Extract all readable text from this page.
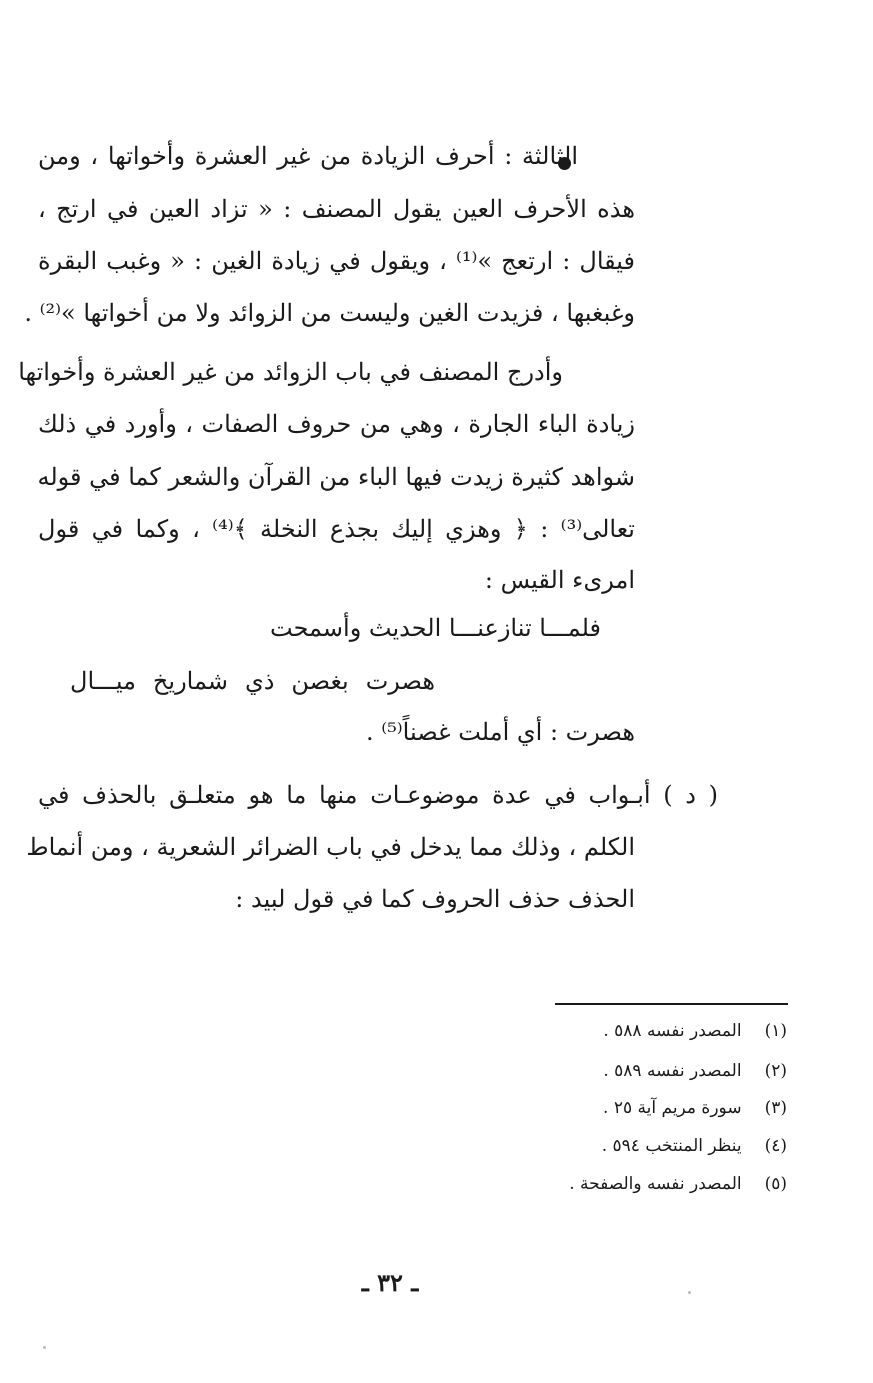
الثالثة : أحرف الزيادة من غير العشرة وأخواتها ، ومن
هذه الأحرف العين يقول المصنف : « تزاد العين في ارتج ،
فيقال : ارتعج »⁽¹⁾ ، ويقول في زيادة الغين : « وغبب البقرة
وغبغبها ، فزيدت الغين وليست من الزوائد ولا من أخواتها »⁽²⁾ .
وأدرج المصنف في باب الزوائد من غير العشرة وأخواتها
زيادة الباء الجارة ، وهي من حروف الصفات ، وأورد في ذلك
شواهد كثيرة زيدت فيها الباء من القرآن والشعر كما في قوله
تعالى⁽³⁾ : ﴿ وهزي إليك بجذع النخلة ﴾⁽⁴⁾ ، وكما في قول
امرىء القيس :
فلمـــا تنازعنـــا الحديث وأسمحت
هصرت بغصن ذي شماريخ ميـــال
هصرت : أي أملت غصناً⁽⁵⁾ .
( د ) أبـواب في عدة موضوعـات منها ما هو متعلـق بالحذف في
الكلم ، وذلك مما يدخل في باب الضرائر الشعرية ، ومن أنماط
الحذف حذف الحروف كما في قول لبيد :
(١) المصدر نفسه ٥٨٨ .
(٢) المصدر نفسه ٥٨٩ .
(٣) سورة مريم آية ٢٥ .
(٤) ينظر المنتخب ٥٩٤ .
(٥) المصدر نفسه والصفحة .
ـ ٣٢ ـ
